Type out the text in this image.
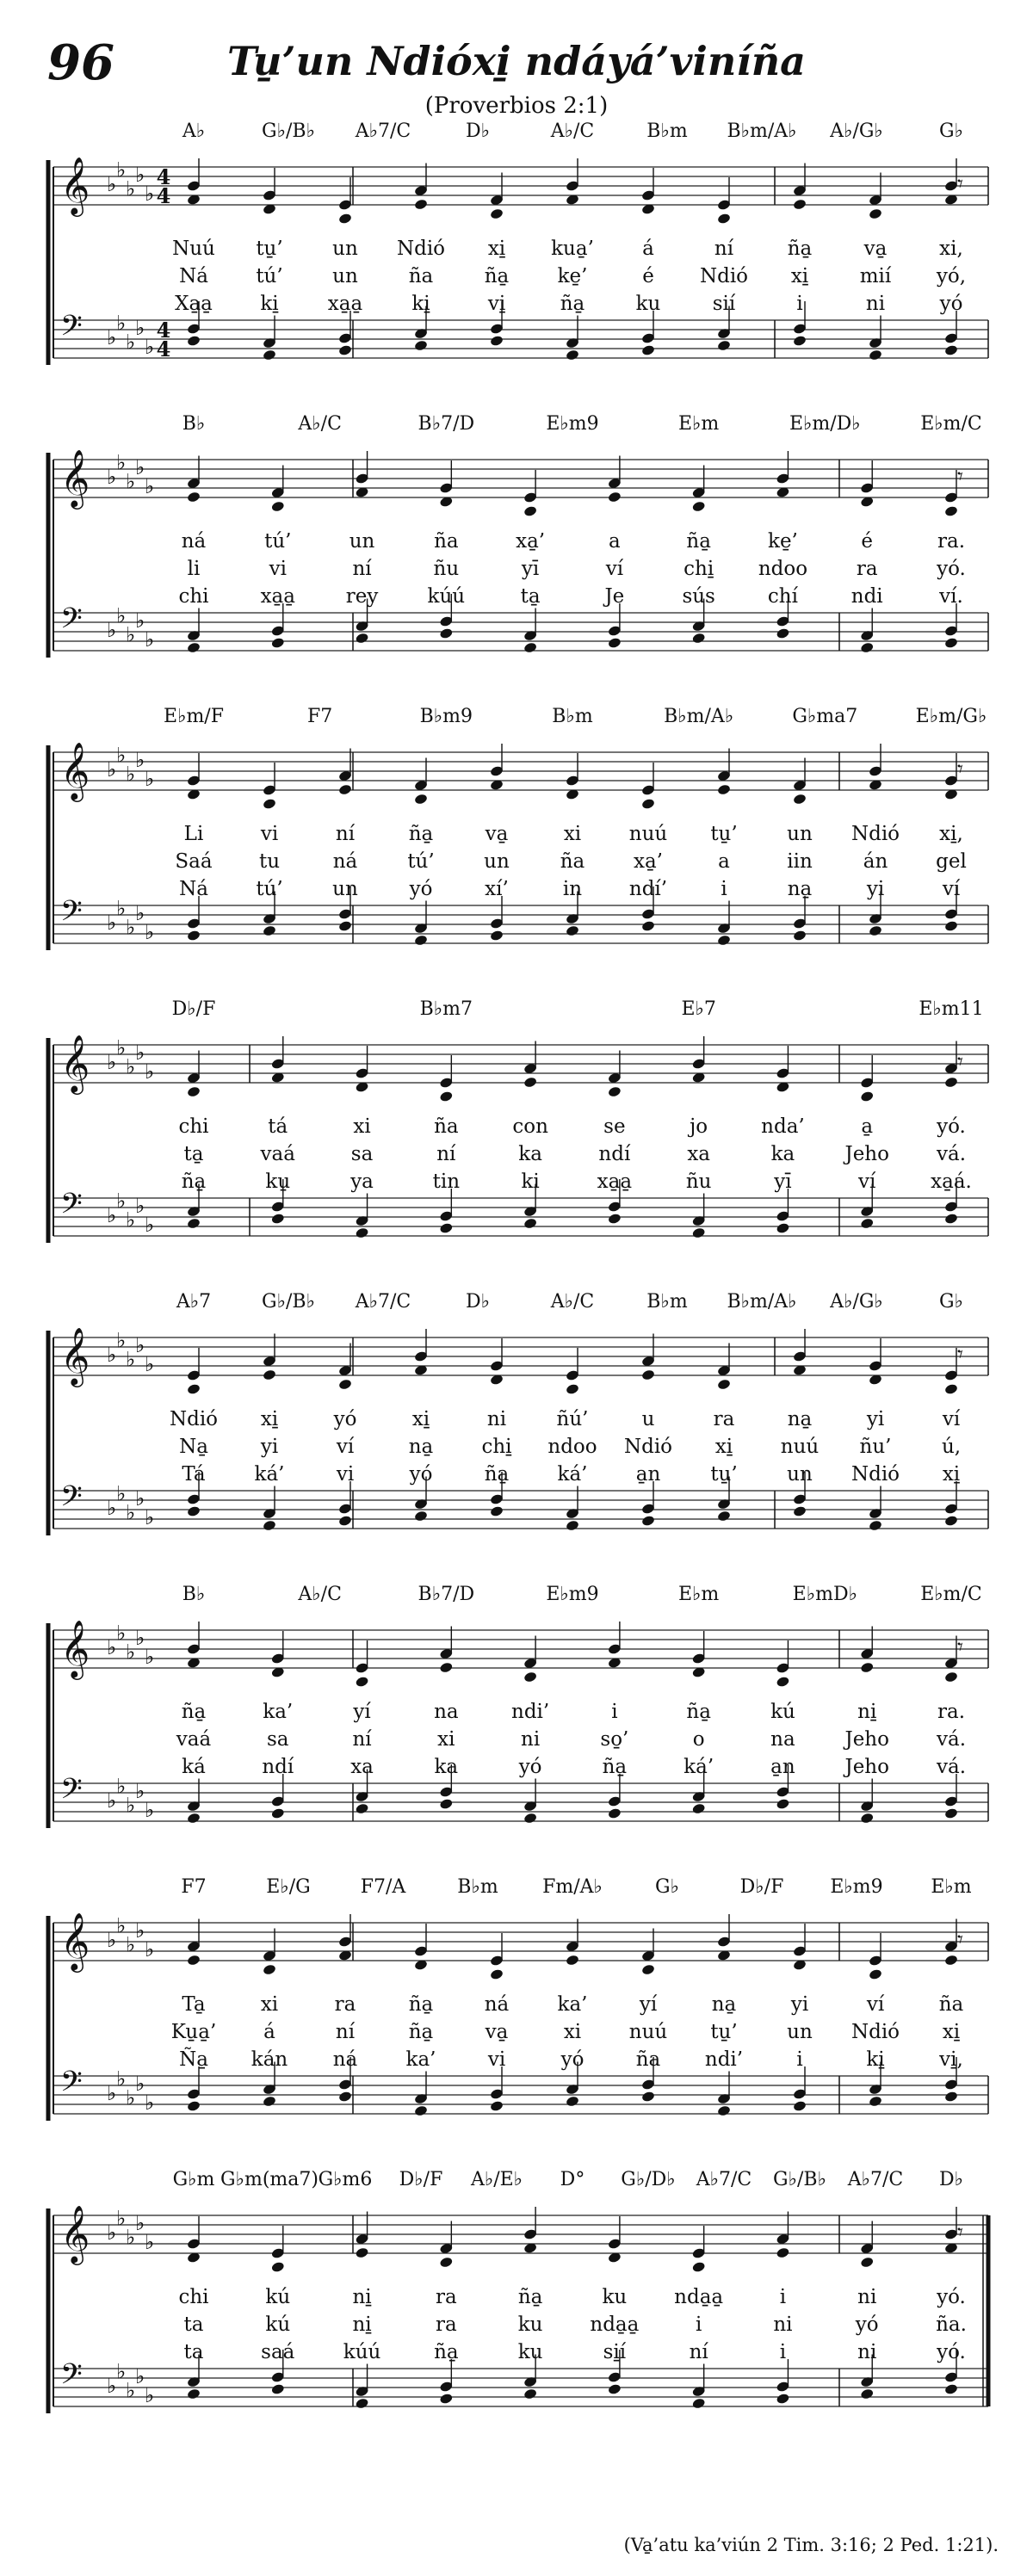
96	Tu̱’un Ndióxi̱ ndáyá’viníña
(Proverbios 2:1)
𝄞 ♭
♭
♭
♭
♭
4
4
𝄢 ♭
♭
♭
♭
♭
4
4
𝄾
A♭	G♭/B♭ A♭7/C	D♭	A♭/C	B♭m B♭m/A♭ A♭/G♭	G♭
Nuú tu̱’ un Ndió xi̱ kua̱’ á	ní	ña̱	va̱	xi,
Ná tú’ un	ña	ña̱ ke̱’	é Ndió xi̱	mií yó,
Xa̱a̱ ki̱ xa̱a̱ ki̱	vi̱	ña̱	ku	sií	i	ni	yó
𝄞 ♭
♭
♭
♭
♭
𝄢 ♭
♭
♭
♭
♭
𝄾
B♭	A♭/C	B♭7/D	E♭m9	E♭m	E♭m/D♭	E♭m/C
ná	tú’	un	ña	xa̱’	a	ña̱	ke̱’	é	ra.
li	vi	ní	ñu	yī	ví	chi̱ ndoo ra	yó.
chi	xa̱a̱	rey kúú	ta̱	Je	sús	chí	ndi	ví.
𝄞 ♭
♭
♭
♭
♭
𝄢 ♭
♭
♭
♭
♭
𝄾
E♭m/F	F7	B♭m9	B♭m	B♭m/A♭	G♭ma7	E♭m/G♭
Li	vi	ní	ña̱	va̱	xi nuú tu̱’ un Ndió xi̱,
Saá tu	ná	tú’ un	ña xa̱’	a	iin	án gel
Ná tú’ un	yó	xí’	in ndí’	i	na̱	yi	ví
𝄞 ♭
♭
♭
♭
♭
𝄢 ♭
♭
♭
♭
♭
𝄾
D♭/F	B♭m7	E♭7	E♭m11
chi	tá	xi	ña	con	se	jo	nda’	a̱	yó.
ta̱	vaá	sa	ní	ka	ndí	xa	ka	Jeho vá.
ña̱	ku̱	ya	tin	ki	xa̱a̱	ñu	yī	ví	xa̱á.
𝄞 ♭
♭
♭
♭
♭
𝄢 ♭
♭
♭
♭
♭
𝄾
A♭7	G♭/B♭ A♭7/C	D♭	A♭/C	B♭m B♭m/A♭ A♭/G♭	G♭
Ndió xi̱	yó	xi̱	ni	ñú’	u	ra	na̱	yi	ví
Na̱	yi	ví	na̱ chi̱ ndoo Ndió xi̱ nuú ñu’	ú,
Tá ká’	vi	yó	ña̱ ká’ a̱n	tu̱’ un Ndió xi̱
𝄞 ♭
♭
♭
♭
♭
𝄢 ♭
♭
♭
♭
♭
𝄾
B♭	A♭/C	B♭7/D	E♭m9	E♭m	E♭mD♭	E♭m/C
ña̱	ka’	yí	na	ndi’	i	ña̱	kú	ni̱	ra.
vaá	sa	ní	xi	ni	so̱’	o	na	Jeho vá.
ká	ndí	xa	ka	yó	ña̱	ká’	a̱n	Jeho vá.
𝄞 ♭
♭
♭
♭
♭
𝄢 ♭
♭
♭
♭
♭
𝄾
F7	E♭/G	F7/A	B♭m Fm/A♭	G♭	D♭/F E♭m9	E♭m
Ta̱	xi	ra	ña̱	ná ka’	yí	na̱	yi	ví	ña
Ku̱a̱’ á	ní	ña̱	va̱	xi nuú tu̱’ un Ndió xi̱
Ña̱ kán ná ka’	vi	yó	ña ndi’	i	ki̱	vi̱,
𝄞 ♭
♭
♭
♭
♭
𝄢 ♭
♭
♭
♭
♭
𝄾
G♭m G♭m(ma7) G♭m6 D♭/F A♭/E♭ D° G♭/D♭ A♭7/C G♭/B♭ A♭7/C D♭
chi	kú	ni̱	ra	ña̱	ku nda̱a̱	i	ni	yó.
ta	kú	ni̱	ra	ku nda̱a̱	i	ni	yó	ña.
ta	saá kúú	ña̱	ku	si̱í	ní	i	ni	yó.
(Va̱’atu ka’viún 2 Tim. 3:16; 2 Ped. 1:21).
